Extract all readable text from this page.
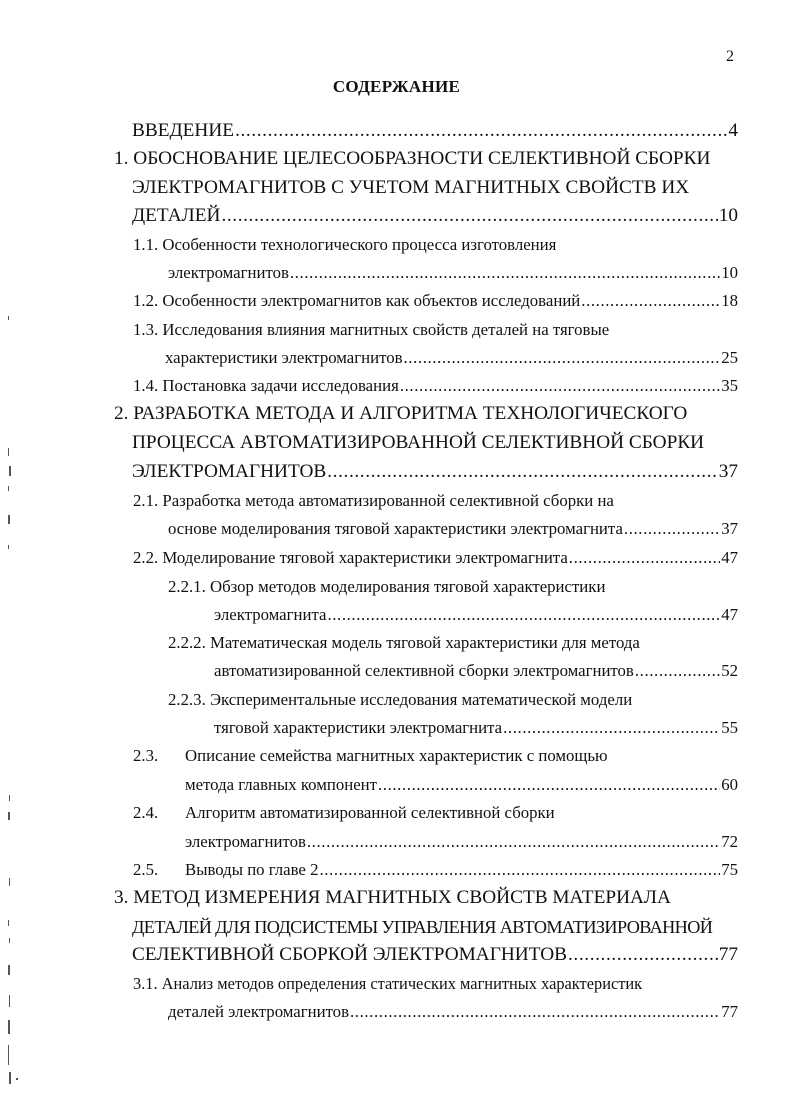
2
СОДЕРЖАНИЕ
ВВЕДЕНИЕ .....	4
1. ОБОСНОВАНИЕ ЦЕЛЕСООБРАЗНОСТИ СЕЛЕКТИВНОЙ СБОРКИ
ЭЛЕКТРОМАГНИТОВ С УЧЕТОМ МАГНИТНЫХ СВОЙСТВ ИХ
ДЕТАЛЕЙ .....	10
1.1. Особенности технологического процесса изготовления
электромагнитов .....	10
1.2. Особенности электромагнитов как объектов исследований .....	18
1.3. Исследования влияния магнитных свойств деталей на тяговые
характеристики электромагнитов .....	25
1.4. Постановка задачи исследования .....	35
2. РАЗРАБОТКА МЕТОДА И АЛГОРИТМА ТЕХНОЛОГИЧЕСКОГО
ПРОЦЕССА АВТОМАТИЗИРОВАННОЙ СЕЛЕКТИВНОЙ СБОРКИ
ЭЛЕКТРОМАГНИТОВ .....	37
2.1. Разработка метода автоматизированной селективной сборки на
основе моделирования тяговой характеристики электромагнита .....	37
2.2. Моделирование тяговой характеристики электромагнита .....	47
2.2.1. Обзор методов моделирования тяговой характеристики
электромагнита .....	47
2.2.2. Математическая модель тяговой характеристики для метода
автоматизированной селективной сборки электромагнитов .....	52
2.2.3. Экспериментальные исследования математической модели
тяговой характеристики электромагнита .....	55
2.3.	Описание семейства магнитных характеристик с помощью
метода главных компонент .....	60
2.4.	Алгоритм автоматизированной селективной сборки
электромагнитов .....	72
2.5.	Выводы по главе 2 .....	75
3. МЕТОД ИЗМЕРЕНИЯ МАГНИТНЫХ СВОЙСТВ МАТЕРИАЛА
ДЕТАЛЕЙ ДЛЯ ПОДСИСТЕМЫ УПРАВЛЕНИЯ АВТОМАТИЗИРОВАННОЙ
СЕЛЕКТИВНОЙ СБОРКОЙ ЭЛЕКТРОМАГНИТОВ .....	77
3.1. Анализ методов определения статических магнитных характеристик
деталей электромагнитов .....	77
